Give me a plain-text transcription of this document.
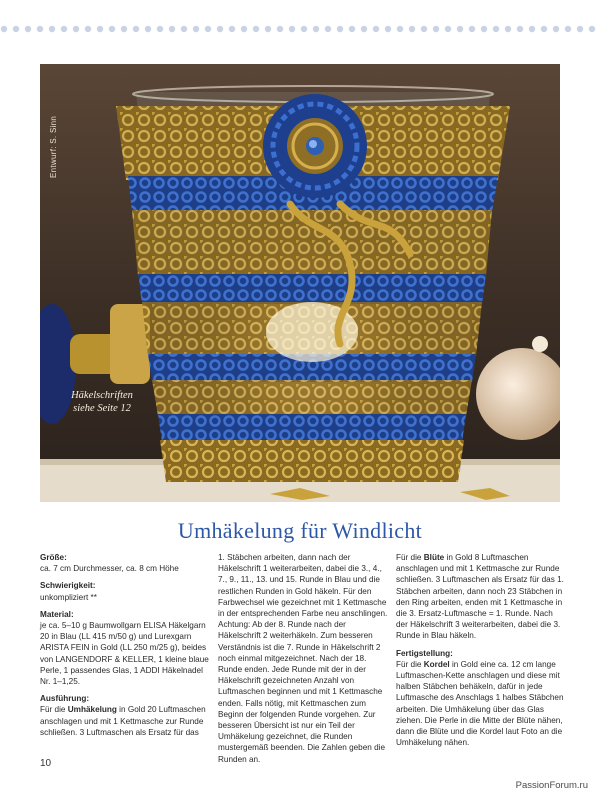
Entwurf: S. Sinn
Häkelschriften
siehe Seite 12
Umhäkelung für Windlicht

Größe:
ca. 7 cm Durchmesser, ca. 8 cm Höhe

Schwierigkeit:
unkompliziert **

Material:
je ca. 5–10 g Baumwollgarn ELISA Häkelgarn 20 in Blau (LL 415 m/50 g) und Lurexgarn ARISTA FEIN in Gold (LL 250 m/25 g), beides von LANGENDORF & KELLER, 1 kleine blaue Perle, 1 passendes Glas, 1 ADDI Häkelnadel Nr. 1–1,25.

Ausführung:
Für die Umhäkelung in Gold 20 Luftmaschen anschlagen und mit 1 Kettmasche zur Runde schließen. 3 Luftmaschen als Ersatz für das

1. Stäbchen arbeiten, dann nach der Häkelschrift 1 weiterarbeiten, dabei die 3., 4., 7., 9., 11., 13. und 15. Runde in Blau und die restlichen Runden in Gold häkeln. Für den Farbwechsel wie gezeichnet mit 1 Kettmasche in der entsprechenden Farbe neu anschlingen. Achtung: Ab der 8. Runde nach der Häkelschrift 2 weiterhäkeln. Zum besseren Verständnis ist die 7. Runde in Häkelschrift 2 noch einmal mitgezeichnet. Nach der 18. Runde enden. Jede Runde mit der in der Häkelschrift gezeichneten Anzahl von Luftmaschen beginnen und mit 1 Kettmasche enden. Falls nötig, mit Kettmaschen zum Beginn der folgenden Runde vorgehen. Zur besseren Übersicht ist nur ein Teil der Umhäkelung gezeichnet, die Runden mustergemäß beenden. Die Zahlen geben die Runden an.

Für die Blüte in Gold 8 Luftmaschen anschlagen und mit 1 Kettmasche zur Runde schließen. 3 Luftmaschen als Ersatz für das 1. Stäbchen arbeiten, dann noch 23 Stäbchen in den Ring arbeiten, enden mit 1 Kettmasche in die 3. Ersatz-Luftmasche = 1. Runde. Nach der Häkelschrift 3 weiterarbeiten, dabei die 3. Runde in Blau häkeln.

Fertigstellung:
Für die Kordel in Gold eine ca. 12 cm lange Luftmaschen-Kette anschlagen und diese mit halben Stäbchen behäkeln, dafür in jede Luftmasche des Anschlags 1 halbes Stäbchen arbeiten. Die Umhäkelung über das Glas ziehen. Die Perle in die Mitte der Blüte nähen, dann die Blüte und die Kordel laut Foto an die Umhäkelung nähen.

10
PassionForum.ru
